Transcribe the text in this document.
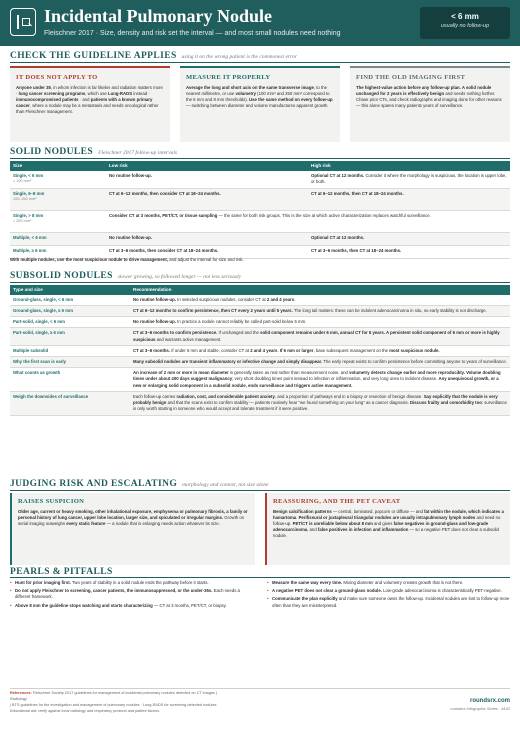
Incidental Pulmonary Nodule
Fleischner 2017 · Size, density and risk set the interval — and most small nodules need nothing
< 6 mm
usually no follow-up
CHECK THE GUIDELINE APPLIES using it on the wrong patient is the commonest error
IT DOES NOT APPLY TO
Anyone under 35, in whom infection is far likelier and radiation matters more · lung cancer screening programs, which use Lung-RADS instead · immunocompromised patients · and patients with a known primary cancer, where a nodule may be a metastasis and needs oncological rather than Fleischner management.
MEASURE IT PROPERLY
Average the long and short axis on the same transverse image, to the nearest millimetre, or use volumetry (100 mm³ and 250 mm³ correspond to the 6 mm and 8 mm thresholds). Use the same method on every follow-up — switching between diameter and volume manufactures apparent growth.
FIND THE OLD IMAGING FIRST
The highest-value action before any follow-up plan. A solid nodule unchanged for 2 years is effectively benign and needs nothing further. Chase prior CTs, and check radiographs and imaging done for other reasons — this alone spares many patients years of surveillance.
SOLID NODULES Fleischner 2017 follow-up intervals
Size	Low risk	High risk
Single, < 6 mm
< 100 mm³	No routine follow-up.	Optional CT at 12 months. Consider it where the morphology is suspicious, the location is upper lobe, or both.
Single, 6–8 mm
100–250 mm³	CT at 6–12 months, then consider CT at 18–24 months.	CT at 6–12 months, then CT at 18–24 months.
Single, > 8 mm
> 250 mm³	Consider CT at 3 months, PET/CT, or tissue sampling — the same for both risk groups. This is the size at which active characterization replaces watchful surveillance.	
Multiple, < 6 mm	No routine follow-up.	Optional CT at 12 months.
Multiple, ≥ 6 mm	CT at 3–6 months, then consider CT at 18–24 months.	CT at 3–6 months, then CT at 18–24 months.
With multiple nodules, use the most suspicious nodule to drive management, and adjust the interval for size and risk.
SUBSOLID NODULES slower growing, so followed longer — not less seriously
Type and size	Recommendation
Ground-glass, single, < 6 mm	No routine follow-up. In selected suspicious nodules, consider CT at 2 and 4 years.
Ground-glass, single, ≥ 6 mm	CT at 6–12 months to confirm persistence, then CT every 2 years until 5 years. The long tail matters: these can be indolent adenocarcinoma in situ, so early stability is not discharge.
Part-solid, single, < 6 mm	No routine follow-up. In practice a nodule cannot reliably be called part-solid below 6 mm.
Part-solid, single, ≥ 6 mm	CT at 3–6 months to confirm persistence. If unchanged and the solid component remains under 6 mm, annual CT for 5 years. A persistent solid component of 6 mm or more is highly suspicious and warrants active management.
Multiple subsolid	CT at 3–6 months. If under 6 mm and stable, consider CT at 2 and 4 years. If 6 mm or larger, base subsequent management on the most suspicious nodule.
Why the first scan is early	Many subsolid nodules are transient inflammatory or infective change and simply disappear. The early repeat exists to confirm persistence before committing anyone to years of surveillance.
What counts as growth	An increase of 2 mm or more in mean diameter is generally taken as real rather than measurement noise, and volumetry detects change earlier and more reproducibly. Volume doubling times under about 400 days suggest malignancy; very short doubling times point instead to infection or inflammation, and very long ones to indolent disease. Any unequivocal growth, or a new or enlarging solid component in a subsolid nodule, ends surveillance and triggers active management.
Weigh the downsides of surveillance	Each follow-up carries radiation, cost, and considerable patient anxiety, and a proportion of pathways end in a biopsy or resection of benign disease. Say explicitly that the nodule is very probably benign and that the scans exist to confirm stability — patients routinely hear "we found something on your lung" as a cancer diagnosis. Discuss frailty and comorbidity too: surveillance is only worth starting in someone who would accept and tolerate treatment if it were positive.
JUDGING RISK AND ESCALATING morphology and context, not size alone
RAISES SUSPICION
Older age, current or heavy smoking, other inhalational exposure, emphysema or pulmonary fibrosis, a family or personal history of lung cancer, upper lobe location, larger size, and spiculated or irregular margins. Growth on serial imaging outweighs every static feature — a nodule that is enlarging needs action whatever its size.
REASSURING, AND THE PET CAVEAT
Benign calcification patterns — central, laminated, popcorn or diffuse — and fat within the nodule, which indicates a hamartoma. Perifissural or juxtapleural triangular nodules are usually intrapulmonary lymph nodes and need no follow-up. PET/CT is unreliable below about 8 mm and gives false negatives in ground-glass and low-grade adenocarcinoma, and false positives in infection and inflammation — so a negative PET does not clear a subsolid nodule.
PEARLS & PITFALLS
• Hunt for prior imaging first. Two years of stability in a solid nodule ends the pathway before it starts.
• Do not apply Fleischner to screening, cancer patients, the immunosuppressed, or the under-35s. Each needs a different framework.
• Above 8 mm the guideline stops watching and starts characterizing — CT at 3 months, PET/CT, or biopsy.
• Measure the same way every time. Mixing diameter and volumetry creates growth that is not there.
• A negative PET does not clear a ground-glass nodule. Low-grade adenocarcinoma is characteristically PET-negative.
• Communicate the plan explicitly and make sure someone owns the follow-up. Incidental nodules are lost to follow-up more often than they are misinterpreted.
References: Fleischner Society 2017 guidelines for management of incidental pulmonary nodules detected on CT images |
Radiology
| BTS guidelines for the investigation and management of pulmonary nodules · Lung-RADS for screening-detected nodules.
Educational aid; verify against local radiology and respiratory protocol and patient factors.
roundsrx.com
roundsrx Infographic Series · #142
